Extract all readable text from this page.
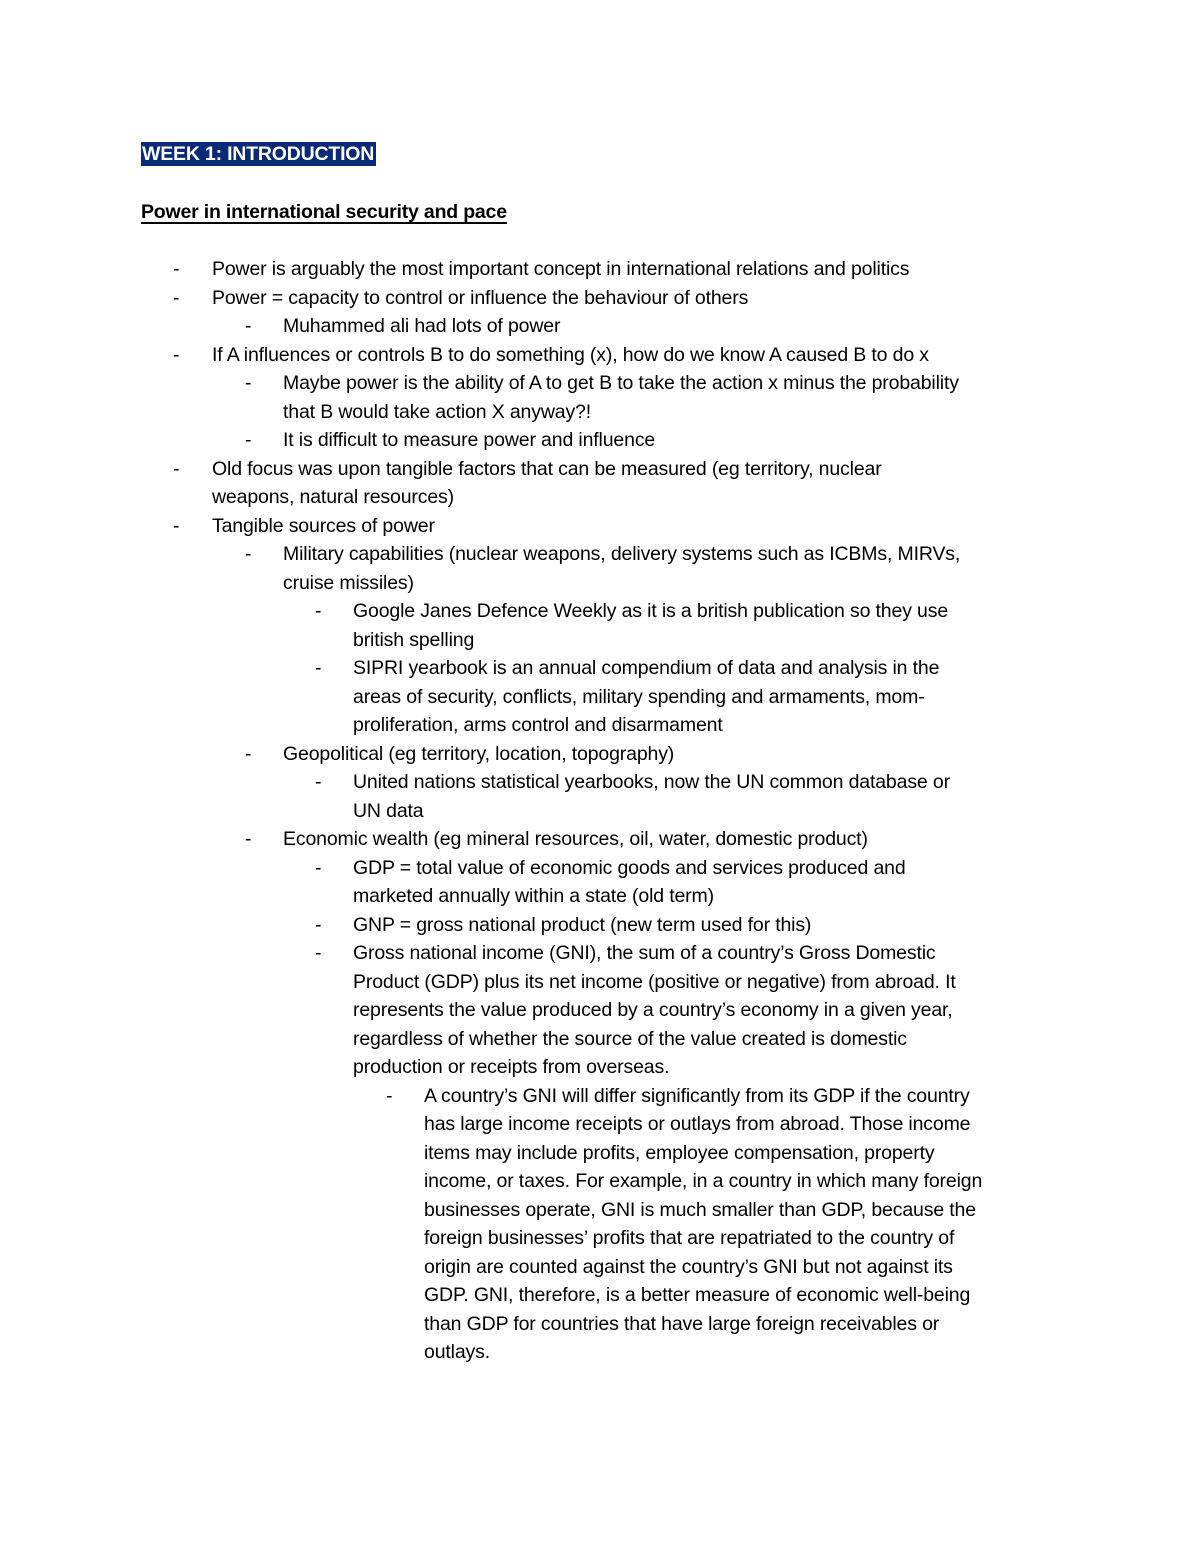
WEEK 1: INTRODUCTION
Power in international security and pace
- Power is arguably the most important concept in international relations and politics
- Power = capacity to control or influence the behaviour of others
- Muhammed ali had lots of power
- If A influences or controls B to do something (x), how do we know A caused B to do x
- Maybe power is the ability of A to get B to take the action x minus the probability
that B would take action X anyway?!
- It is difficult to measure power and influence
- Old focus was upon tangible factors that can be measured (eg territory, nuclear
weapons, natural resources)
- Tangible sources of power
- Military capabilities (nuclear weapons, delivery systems such as ICBMs, MIRVs,
cruise missiles)
- Google Janes Defence Weekly as it is a british publication so they use
british spelling
- SIPRI yearbook is an annual compendium of data and analysis in the
areas of security, conflicts, military spending and armaments, mom-
proliferation, arms control and disarmament
- Geopolitical (eg territory, location, topography)
- United nations statistical yearbooks, now the UN common database or
UN data
- Economic wealth (eg mineral resources, oil, water, domestic product)
- GDP = total value of economic goods and services produced and
marketed annually within a state (old term)
- GNP = gross national product (new term used for this)
- Gross national income (GNI), the sum of a country’s Gross Domestic
Product (GDP) plus its net income (positive or negative) from abroad. It
represents the value produced by a country’s economy in a given year,
regardless of whether the source of the value created is domestic
production or receipts from overseas.
- A country’s GNI will differ significantly from its GDP if the country
has large income receipts or outlays from abroad. Those income
items may include profits, employee compensation, property
income, or taxes. For example, in a country in which many foreign
businesses operate, GNI is much smaller than GDP, because the
foreign businesses’ profits that are repatriated to the country of
origin are counted against the country’s GNI but not against its
GDP. GNI, therefore, is a better measure of economic well-being
than GDP for countries that have large foreign receivables or
outlays.
